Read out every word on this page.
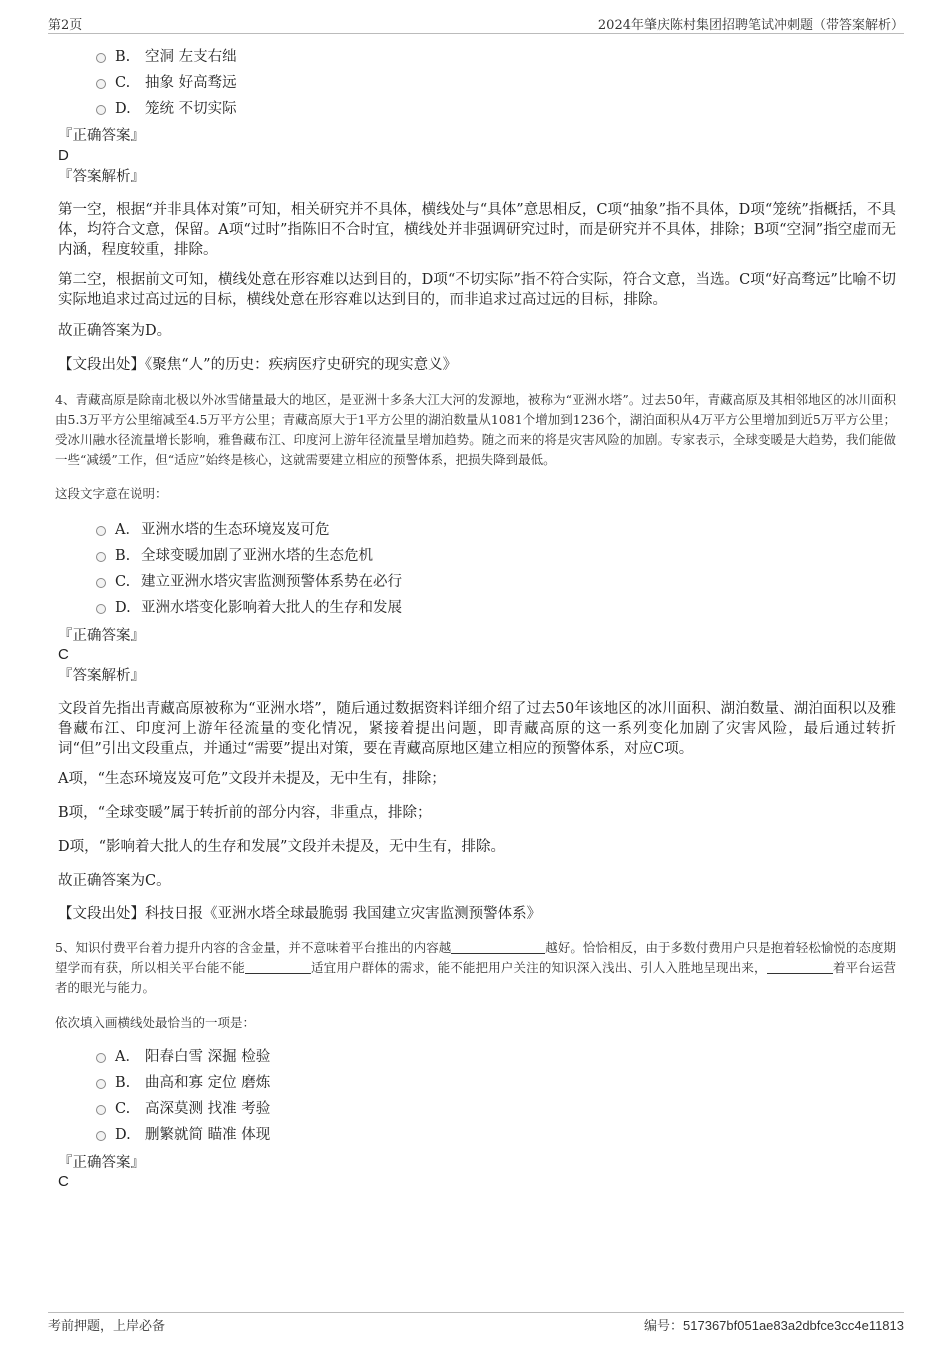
第2页	2024年肇庆陈村集团招聘笔试冲刺题（带答案解析）
B. 空洞 左支右绌
C. 抽象 好高骛远
D. 笼统 不切实际
『正确答案』
D
『答案解析』
第一空，根据“并非具体对策”可知，相关研究并不具体，横线处与“具体”意思相反，C项“抽象”指不具体，D项“笼统”指概括，不具体，均符合文意，保留。A项“过时”指陈旧不合时宜，横线处并非强调研究过时，而是研究并不具体，排除；B项“空洞”指空虚而无内涵，程度较重，排除。
第二空，根据前文可知，横线处意在形容难以达到目的，D项“不切实际”指不符合实际，符合文意，当选。C项“好高骛远”比喻不切实际地追求过高过远的目标，横线处意在形容难以达到目的，而非追求过高过远的目标，排除。
故正确答案为D。
【文段出处】《聚焦“人”的历史：疾病医疗史研究的现实意义》
4、青藏高原是除南北极以外冰雪储量最大的地区，是亚洲十多条大江大河的发源地，被称为“亚洲水塔”。过去50年，青藏高原及其相邻地区的冰川面积由5.3万平方公里缩减至4.5万平方公里；青藏高原大于1平方公里的湖泊数量从1081个增加到1236个，湖泊面积从4万平方公里增加到近5万平方公里；受冰川融水径流量增长影响，雅鲁藏布江、印度河上游年径流量呈增加趋势。随之而来的将是灾害风险的加剧。专家表示，全球变暖是大趋势，我们能做一些“减缓”工作，但“适应”始终是核心，这就需要建立相应的预警体系，把损失降到最低。
这段文字意在说明：
A．亚洲水塔的生态环境岌岌可危
B. 全球变暖加剧了亚洲水塔的生态危机
C. 建立亚洲水塔灾害监测预警体系势在必行
D. 亚洲水塔变化影响着大批人的生存和发展
『正确答案』
C
『答案解析』
文段首先指出青藏高原被称为“亚洲水塔”，随后通过数据资料详细介绍了过去50年该地区的冰川面积、湖泊数量、湖泊面积以及雅鲁藏布江、印度河上游年径流量的变化情况，紧接着提出问题，即青藏高原的这一系列变化加剧了灾害风险，最后通过转折词“但”引出文段重点，并通过“需要”提出对策，要在青藏高原地区建立相应的预警体系，对应C项。
A项，“生态环境岌岌可危”文段并未提及，无中生有，排除；
B项，“全球变暖”属于转折前的部分内容，非重点，排除；
D项，“影响着大批人的生存和发展”文段并未提及，无中生有，排除。
故正确答案为C。
【文段出处】科技日报《亚洲水塔全球最脆弱 我国建立灾害监测预警体系》
5、知识付费平台着力提升内容的含金量，并不意味着平台推出的内容越	越好。恰恰相反，由于多数付费用户只是抱着轻松愉悦的态度期望学而有获，所以相关平台能不能	适宜用户群体的需求，能不能把用户关注的知识深入浅出、引人入胜地呈现出来，	着平台运营者的眼光与能力。
依次填入画横线处最恰当的一项是：
A． 阳春白雪 深掘 检验
B. 曲高和寡 定位 磨炼
C. 高深莫测 找准 考验
D. 删繁就简 瞄准 体现
『正确答案』
C
考前押题，上岸必备	编号：517367bf051ae83a2dbfce3cc4e11813
